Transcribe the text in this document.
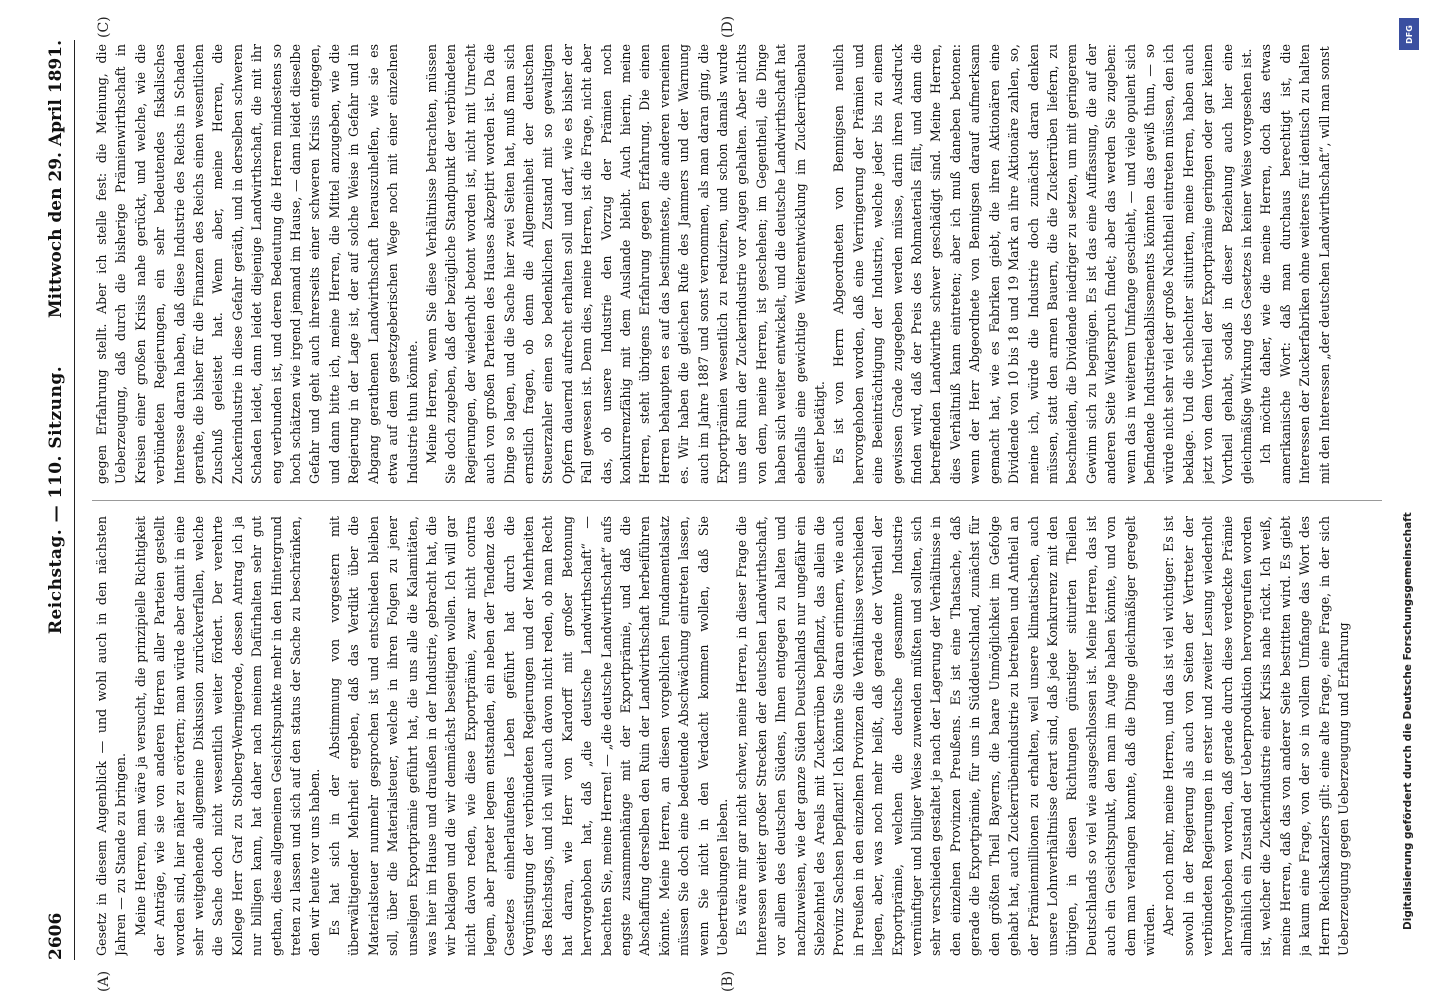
2606
Reichstag. — 110. Sitzung.
Mittwoch den 29. April 1891.
(A)	(B)
(C)	(D)

Gesetz in diesem Augenblick — und wohl auch in den nächsten Jahren — zu Stande zu bringen. Meine Herren, man wäre ja versucht, die prinzipielle Richtigkeit der Anträge, wie sie von anderen Herren aller Parteien gestellt worden sind, hier näher zu erörtern; man würde aber damit in eine sehr weitgehende allgemeine Diskussion zurückverfallen, welche die Sache doch nicht wesentlich weiter fördert. Der verehrte Kollege Herr Graf zu Stolberg-Wernigerode, dessen Antrag ich ja nur billigen kann, hat daher nach meinem Dafürhalten sehr gut gethan, diese allgemeinen Gesichtspunkte mehr in den Hintergrund treten zu lassen und sich auf den status der Sache zu beschränken, den wir heute vor uns haben. Es hat sich in der Abstimmung von vorgestern mit überwältigender Mehrheit ergeben, daß das Verdikt über die Materialsteuer nunmehr gesprochen ist und entschieden bleiben soll, über die Materialsteuer, welche in ihren Folgen zu jener unseligen Exportprämie geführt hat, die uns alle die Kalamitäten, was hier im Hause und draußen in der Industrie, gebracht hat, die wir beklagen und die wir demnächst beseitigen wollen. Ich will gar nicht davon reden, wie diese Exportprämie, zwar nicht contra legem, aber praeter legem entstanden, ein neben der Tendenz des Gesetzes einherlaufendes Leben geführt hat durch die Vergünstigung der verbündeten Regierungen und der Mehrheiten des Reichstags, und ich will auch davon nicht reden, ob man Recht hat daran, wie Herr von Kardorff mit großer Betonung hervorgehoben hat, daß „die deutsche Landwirthschaft“ — beachten Sie, meine Herren! — „die deutsche Landwirthschaft“ aufs engste zusammenhänge mit der Exportprämie, und daß die Abschaffung derselben den Ruin der Landwirthschaft herbeiführen könnte. Meine Herren, an diesen vorgeblichen Fundamentalsatz müssen Sie doch eine bedeutende Abschwächung eintreten lassen, wenn Sie nicht in den Verdacht kommen wollen, daß Sie Uebertreibungen lieben. Es wäre mir gar nicht schwer, meine Herren, in dieser Frage die Interessen weiter großer Strecken der deutschen Landwirthschaft, vor allem des deutschen Südens, Ihnen entgegen zu halten und nachzuweisen, wie der ganze Süden Deutschlands nur ungefähr ein Siebzehntel des Areals mit Zuckerrüben bepflanzt, das allein die Provinz Sachsen bepflanzt! Ich könnte Sie daran erinnern, wie auch in Preußen in den einzelnen Provinzen die Verhältnisse verschieden liegen, aber, was noch mehr heißt, daß gerade der Vortheil der Exportprämie, welchen die deutsche gesammte Industrie vernünftiger und billiger Weise zuwenden müßten und sollten, sich sehr verschieden gestaltet je nach der Lagerung der Verhältnisse in den einzelnen Provinzen Preußens. Es ist eine Thatsache, daß gerade die Exportprämie, für uns in Süddeutschland, zunächst für den größten Theil Bayerns, die baare Unmöglichkeit im Gefolge gehabt hat, auch Zuckerrübenindustrie zu betreiben und Antheil an der Prämienmillionen zu erhalten, weil unsere klimatischen, auch unsere Lohnverhältnisse derart sind, daß jede Konkurrenz mit den übrigen, in diesen Richtungen günstiger situirten Theilen Deutschlands so viel wie ausgeschlossen ist. Meine Herren, das ist auch ein Gesichtspunkt, den man im Auge haben könnte, und von dem man verlangen konnte, daß die Dinge gleichmäßiger geregelt würden. Aber noch mehr, meine Herren, und das ist viel wichtiger: Es ist sowohl in der Regierung als auch von Seiten der Vertreter der verbündeten Regierungen in erster und zweiter Lesung wiederholt hervorgehoben worden, daß gerade durch diese verdeckte Prämie allmählich ein Zustand der Ueberproduktion hervorgerufen worden ist, welcher die Zuckerindustrie einer Krisis nahe rückt. Ich weiß, meine Herren, daß das von anderer Seite bestritten wird. Es giebt ja kaum eine Frage, von der so in vollem Umfange das Wort des Herrn Reichskanzlers gilt: eine alte Frage, eine Frage, in der sich Ueberzeugung gegen Ueberzeugung und Erfahrung

gegen Erfahrung stellt. Aber ich stelle fest: die Meinung, die Ueberzeugung, daß durch die bisherige Prämienwirthschaft in Kreisen einer großen Krisis nahe gerückt, und welche, wie die verbündeten Regierungen, ein sehr bedeutendes fiskalisches Interesse daran haben, daß diese Industrie des Reichs in Schaden gerathe, die bisher für die Finanzen des Reichs einen wesentlichen Zuschuß geleistet hat. Wenn aber, meine Herren, die Zuckerindustrie in diese Gefahr geräth, und in derselben schweren Schaden leidet, dann leidet diejenige Landwirthschaft, die mit ihr eng verbunden ist, und deren Bedeutung die Herren mindestens so hoch schätzen wie irgend jemand im Hause, — dann leidet dieselbe Gefahr und geht auch ihrerseits einer schweren Krisis entgegen, und dann bitte ich, meine Herren, die Mittel anzugeben, wie die Regierung in der Lage ist, der auf solche Weise in Gefahr und in Abgang gerathenen Landwirthschaft herauszuhelfen, wie sie es etwa auf dem gesetzgeberischen Wege noch mit einer einzelnen Industrie thun könnte. Meine Herren, wenn Sie diese Verhältnisse betrachten, müssen Sie doch zugeben, daß der bezügliche Standpunkt der verbündeten Regierungen, der wiederholt betont worden ist, nicht mit Unrecht auch von großen Parteien des Hauses akzeptirt worden ist. Da die Dinge so lagen, und die Sache hier zwei Seiten hat, muß man sich ernstlich fragen, ob denn die Allgemeinheit der deutschen Steuerzahler einen so bedenklichen Zustand mit so gewaltigen Opfern dauernd aufrecht erhalten soll und darf, wie es bisher der Fall gewesen ist. Denn dies, meine Herren, ist die Frage, nicht aber das, ob unsere Industrie den Vorzug der Prämien noch konkurrenzfähig mit dem Auslande bleibt. Auch hierin, meine Herren, steht übrigens Erfahrung gegen Erfahrung. Die einen Herren behaupten es auf das bestimmteste, die anderen verneinen es. Wir haben die gleichen Rufe des Jammers und der Warnung auch im Jahre 1887 und sonst vernommen, als man daran ging, die Exportprämien wesentlich zu reduziren, und schon damals wurde uns der Ruin der Zuckerindustrie vor Augen gehalten. Aber nichts von dem, meine Herren, ist geschehen; im Gegentheil, die Dinge haben sich weiter entwickelt, und die deutsche Landwirthschaft hat ebenfalls eine gewichtige Weiterentwicklung im Zuckerrübenbau seither betätigt. Es ist von Herrn Abgeordneten von Bennigsen neulich hervorgehoben worden, daß eine Verringerung der Prämien und eine Beeinträchtigung der Industrie, welche jeder bis zu einem gewissen Grade zugegeben werden müsse, darin ihren Ausdruck finden wird, daß der Preis des Rohmaterials fällt, und dann die betreffenden Landwirthe schwer geschädigt sind. Meine Herren, dies Verhältniß kann eintreten; aber ich muß daneben betonen: wenn der Herr Abgeordnete von Bennigsen darauf aufmerksam gemacht hat, wie es Fabriken giebt, die ihren Aktionären eine Dividende von 10 bis 18 und 19 Mark an ihre Aktionäre zahlen, so, meine ich, würde die Industrie doch zunächst daran denken müssen, statt den armen Bauern, die die Zuckerrüben liefern, zu beschneiden, die Dividende niedriger zu setzen, um mit geringerem Gewinn sich zu begnügen. Es ist das eine Auffassung, die auf der anderen Seite Widerspruch findet; aber das werden Sie zugeben: wenn das in weiterem Umfange geschieht, — und viele opulent sich befindende Industrieetablissements könnten das gewiß thun, — so würde nicht sehr viel der große Nachtheil eintreten müssen, den ich beklage. Und die schlechter situirten, meine Herren, haben auch jetzt von dem Vortheil der Exportprämie geringen oder gar keinen Vortheil gehabt, sodaß in dieser Beziehung auch hier eine gleichmäßige Wirkung des Gesetzes in keiner Weise vorgesehen ist. Ich möchte daher, wie die meine Herren, doch das etwas amerikanische Wort: daß man durchaus berechtigt ist, die Interessen der Zuckerfabriken ohne weiteres für identisch zu halten mit den Interessen „der deutschen Landwirthschaft“, will man sonst

DFG
Digitalisierung gefördert durch die Deutsche Forschungsgemeinschaft
